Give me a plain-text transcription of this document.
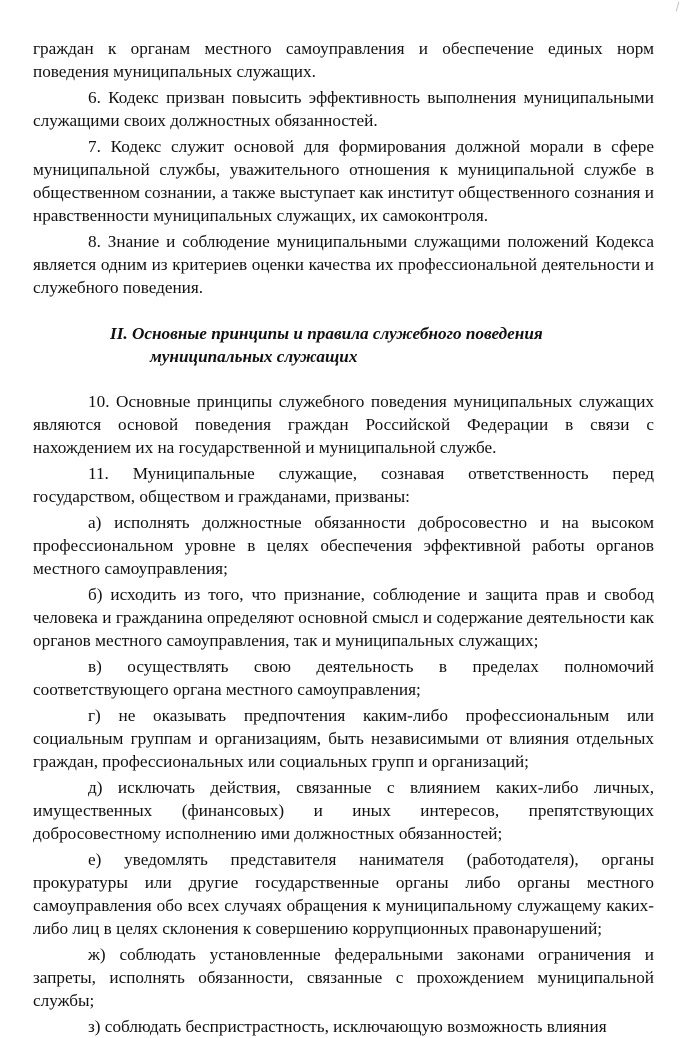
граждан к органам местного самоуправления и обеспечение единых норм поведения муниципальных служащих.

6. Кодекс призван повысить эффективность выполнения муниципальными служащими своих должностных обязанностей.

7. Кодекс служит основой для формирования должной морали в сфере муниципальной службы, уважительного отношения к муниципальной службе в общественном сознании, а также выступает как институт общественного сознания и нравственности муниципальных служащих, их самоконтроля.

8. Знание и соблюдение муниципальными служащими положений Кодекса является одним из критериев оценки качества их профессиональной деятельности и служебного поведения.

II. Основные принципы и правила служебного поведения
муниципальных служащих

10. Основные принципы служебного поведения муниципальных служащих являются основой поведения граждан Российской Федерации в связи с нахождением их на государственной и муниципальной службе.

11. Муниципальные служащие, сознавая ответственность перед государством, обществом и гражданами, призваны:

а) исполнять должностные обязанности добросовестно и на высоком профессиональном уровне в целях обеспечения эффективной работы органов местного самоуправления;

б) исходить из того, что признание, соблюдение и защита прав и свобод человека и гражданина определяют основной смысл и содержание деятельности как органов местного самоуправления, так и муниципальных служащих;

в) осуществлять свою деятельность в пределах полномочий соответствующего органа местного самоуправления;

г) не оказывать предпочтения каким-либо профессиональным или социальным группам и организациям, быть независимыми от влияния отдельных граждан, профессиональных или социальных групп и организаций;

д) исключать действия, связанные с влиянием каких-либо личных, имущественных (финансовых) и иных интересов, препятствующих добросовестному исполнению ими должностных обязанностей;

е) уведомлять представителя нанимателя (работодателя), органы прокуратуры или другие государственные органы либо органы местного самоуправления обо всех случаях обращения к муниципальному служащему каких-либо лиц в целях склонения к совершению коррупционных правонарушений;

ж) соблюдать установленные федеральными законами ограничения и запреты, исполнять обязанности, связанные с прохождением муниципальной службы;

з) соблюдать беспристрастность, исключающую возможность влияния
